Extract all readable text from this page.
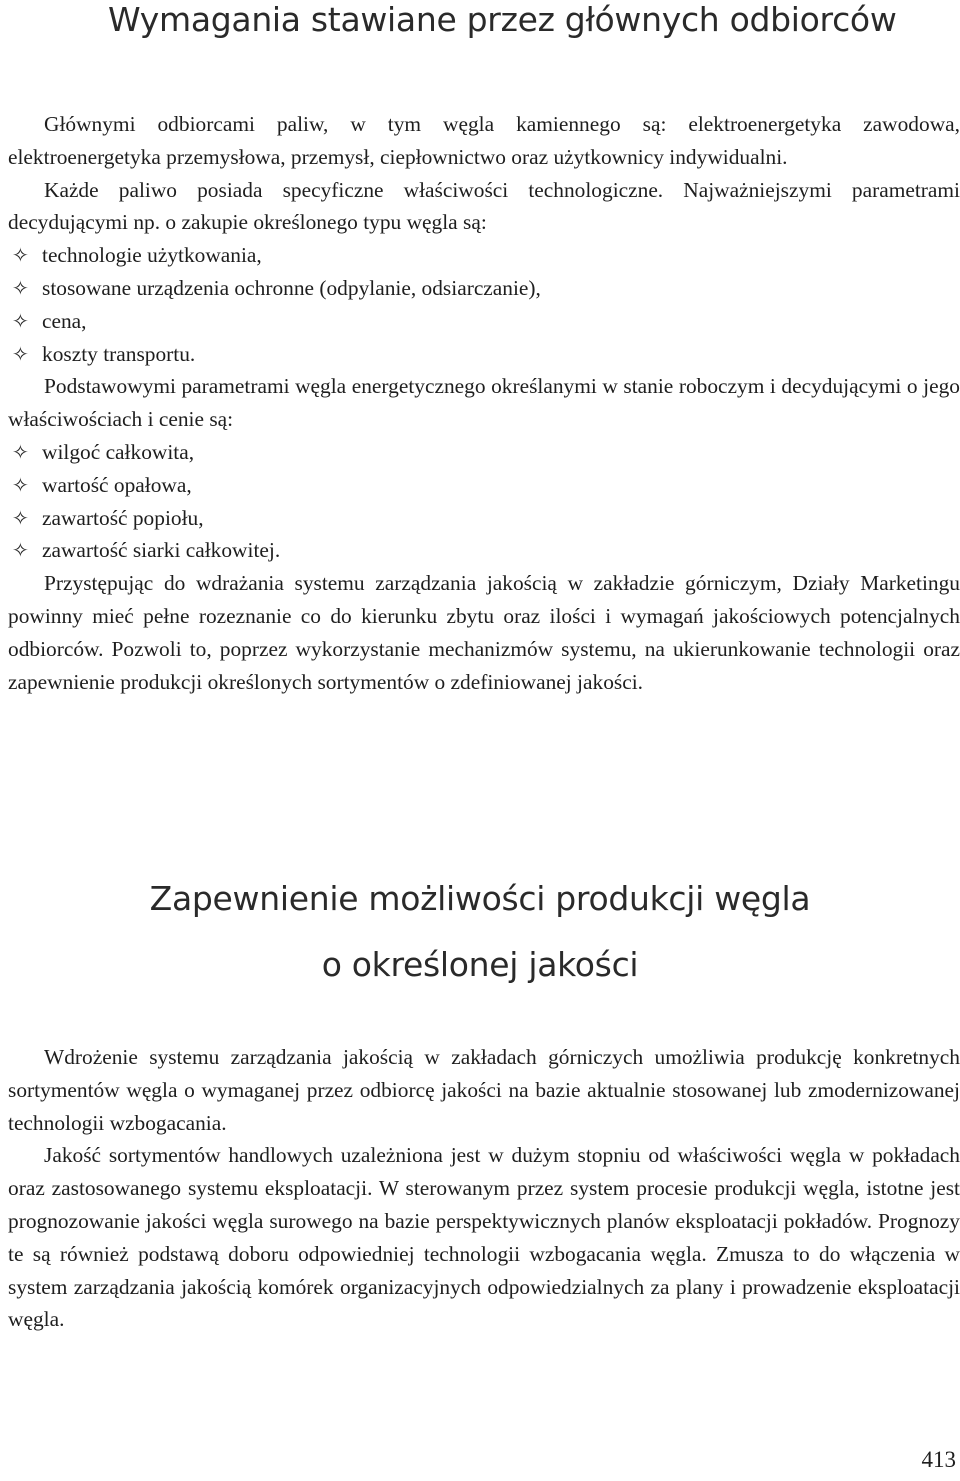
Wymagania stawiane przez głównych odbiorców

Głównymi odbiorcami paliw, w tym węgla kamiennego są: elektroenergetyka zawodowa, elektroenergetyka przemysłowa, przemysł, ciepłownictwo oraz użytkownicy indywidualni.

Każde paliwo posiada specyficzne właściwości technologiczne. Najważniejszymi parametrami decydującymi np. o zakupie określonego typu węgla są:

✧ technologie użytkowania,
✧ stosowane urządzenia ochronne (odpylanie, odsiarczanie),
✧ cena,
✧ koszty transportu.

Podstawowymi parametrami węgla energetycznego określanymi w stanie roboczym i decydującymi o jego właściwościach i cenie są:

✧ wilgoć całkowita,
✧ wartość opałowa,
✧ zawartość popiołu,
✧ zawartość siarki całkowitej.

Przystępując do wdrażania systemu zarządzania jakością w zakładzie górniczym, Działy Marketingu powinny mieć pełne rozeznanie co do kierunku zbytu oraz ilości i wymagań jakościowych potencjalnych odbiorców. Pozwoli to, poprzez wykorzystanie mechanizmów systemu, na ukierunkowanie technologii oraz zapewnienie produkcji określonych sortymentów o zdefiniowanej jakości.

Zapewnienie możliwości produkcji węgla
o określonej jakości

Wdrożenie systemu zarządzania jakością w zakładach górniczych umożliwia produkcję konkretnych sortymentów węgla o wymaganej przez odbiorcę jakości na bazie aktualnie stosowanej lub zmodernizowanej technologii wzbogacania.

Jakość sortymentów handlowych uzależniona jest w dużym stopniu od właściwości węgla w pokładach oraz zastosowanego systemu eksploatacji. W sterowanym przez system procesie produkcji węgla, istotne jest prognozowanie jakości węgla surowego na bazie perspektywicznych planów eksploatacji pokładów. Prognozy te są również podstawą doboru odpowiedniej technologii wzbogacania węgla. Zmusza to do włączenia w system zarządzania jakością komórek organizacyjnych odpowiedzialnych za plany i prowadzenie eksploatacji węgla.

413
